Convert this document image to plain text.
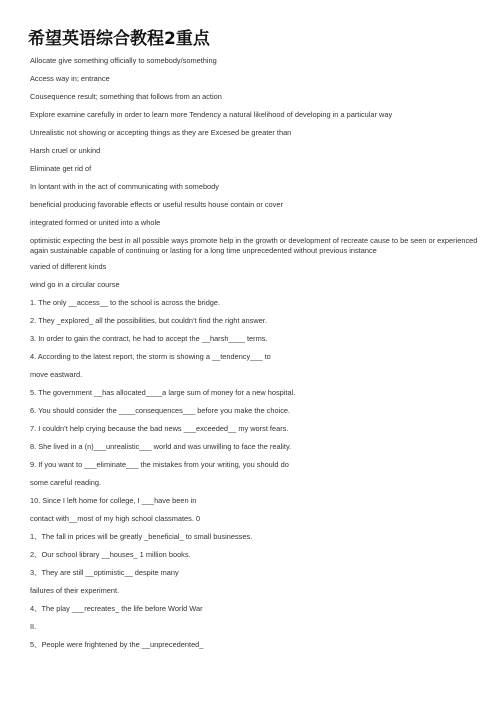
希望英语综合教程2重点

Allocate give something officially to somebody/something

Access way in; entrance

Cousequence result; something that follows from an action

Explore examine carefully in order to learn more Tendency a natural likelihood of developing in a particular way

Unrealistic not showing or accepting things as they are Excesed be greater than

Harsh cruel or unkind

Eliminate get rid of

In lontant with in the act of communicating with somebody

beneficial producing favorable effects or useful results house contain or cover

integrated formed or united into a whole

optimistic expecting the best in all possible ways promote help in the growth or development of recreate cause to be seen or experienced again sustainable capable of continuing or lasting for a long time unprecedented without previous instance

varied of different kinds

wind go in a circular course

1. The only __access__ to the school is across the bridge.

2. They _explored_ all the possibilities, but couldn’t find the right answer.

3. In order to gain the contract, he had to accept the __harsh____ terms.

4. According to the latest report, the storm is showing a __tendency___ to

move eastward.

5. The government __has allocated____a large sum of money for a new hospital.

6. You should consider the ____consequences___ before you make the choice.

7. I couldn’t help crying because the bad news ___exceeded__ my worst fears.

8. She lived in a (n)___unrealistic___ world and was unwilling to face the reality.

9. If you want to ___eliminate___ the mistakes from your writing, you should do

some careful reading.

10. Since I left home for college, I ___have been in

contact with__most of my high school classmates. 0

1、The fall in prices will be greatly _beneficial_ to small businesses.

2、Our school library __houses_ 1 million books.

3、They are still __optimistic__ despite many

failures of their experiment.

4、The play ___recreates_ the life before World War

II.

5、People were frightened by the __unprecedented_
